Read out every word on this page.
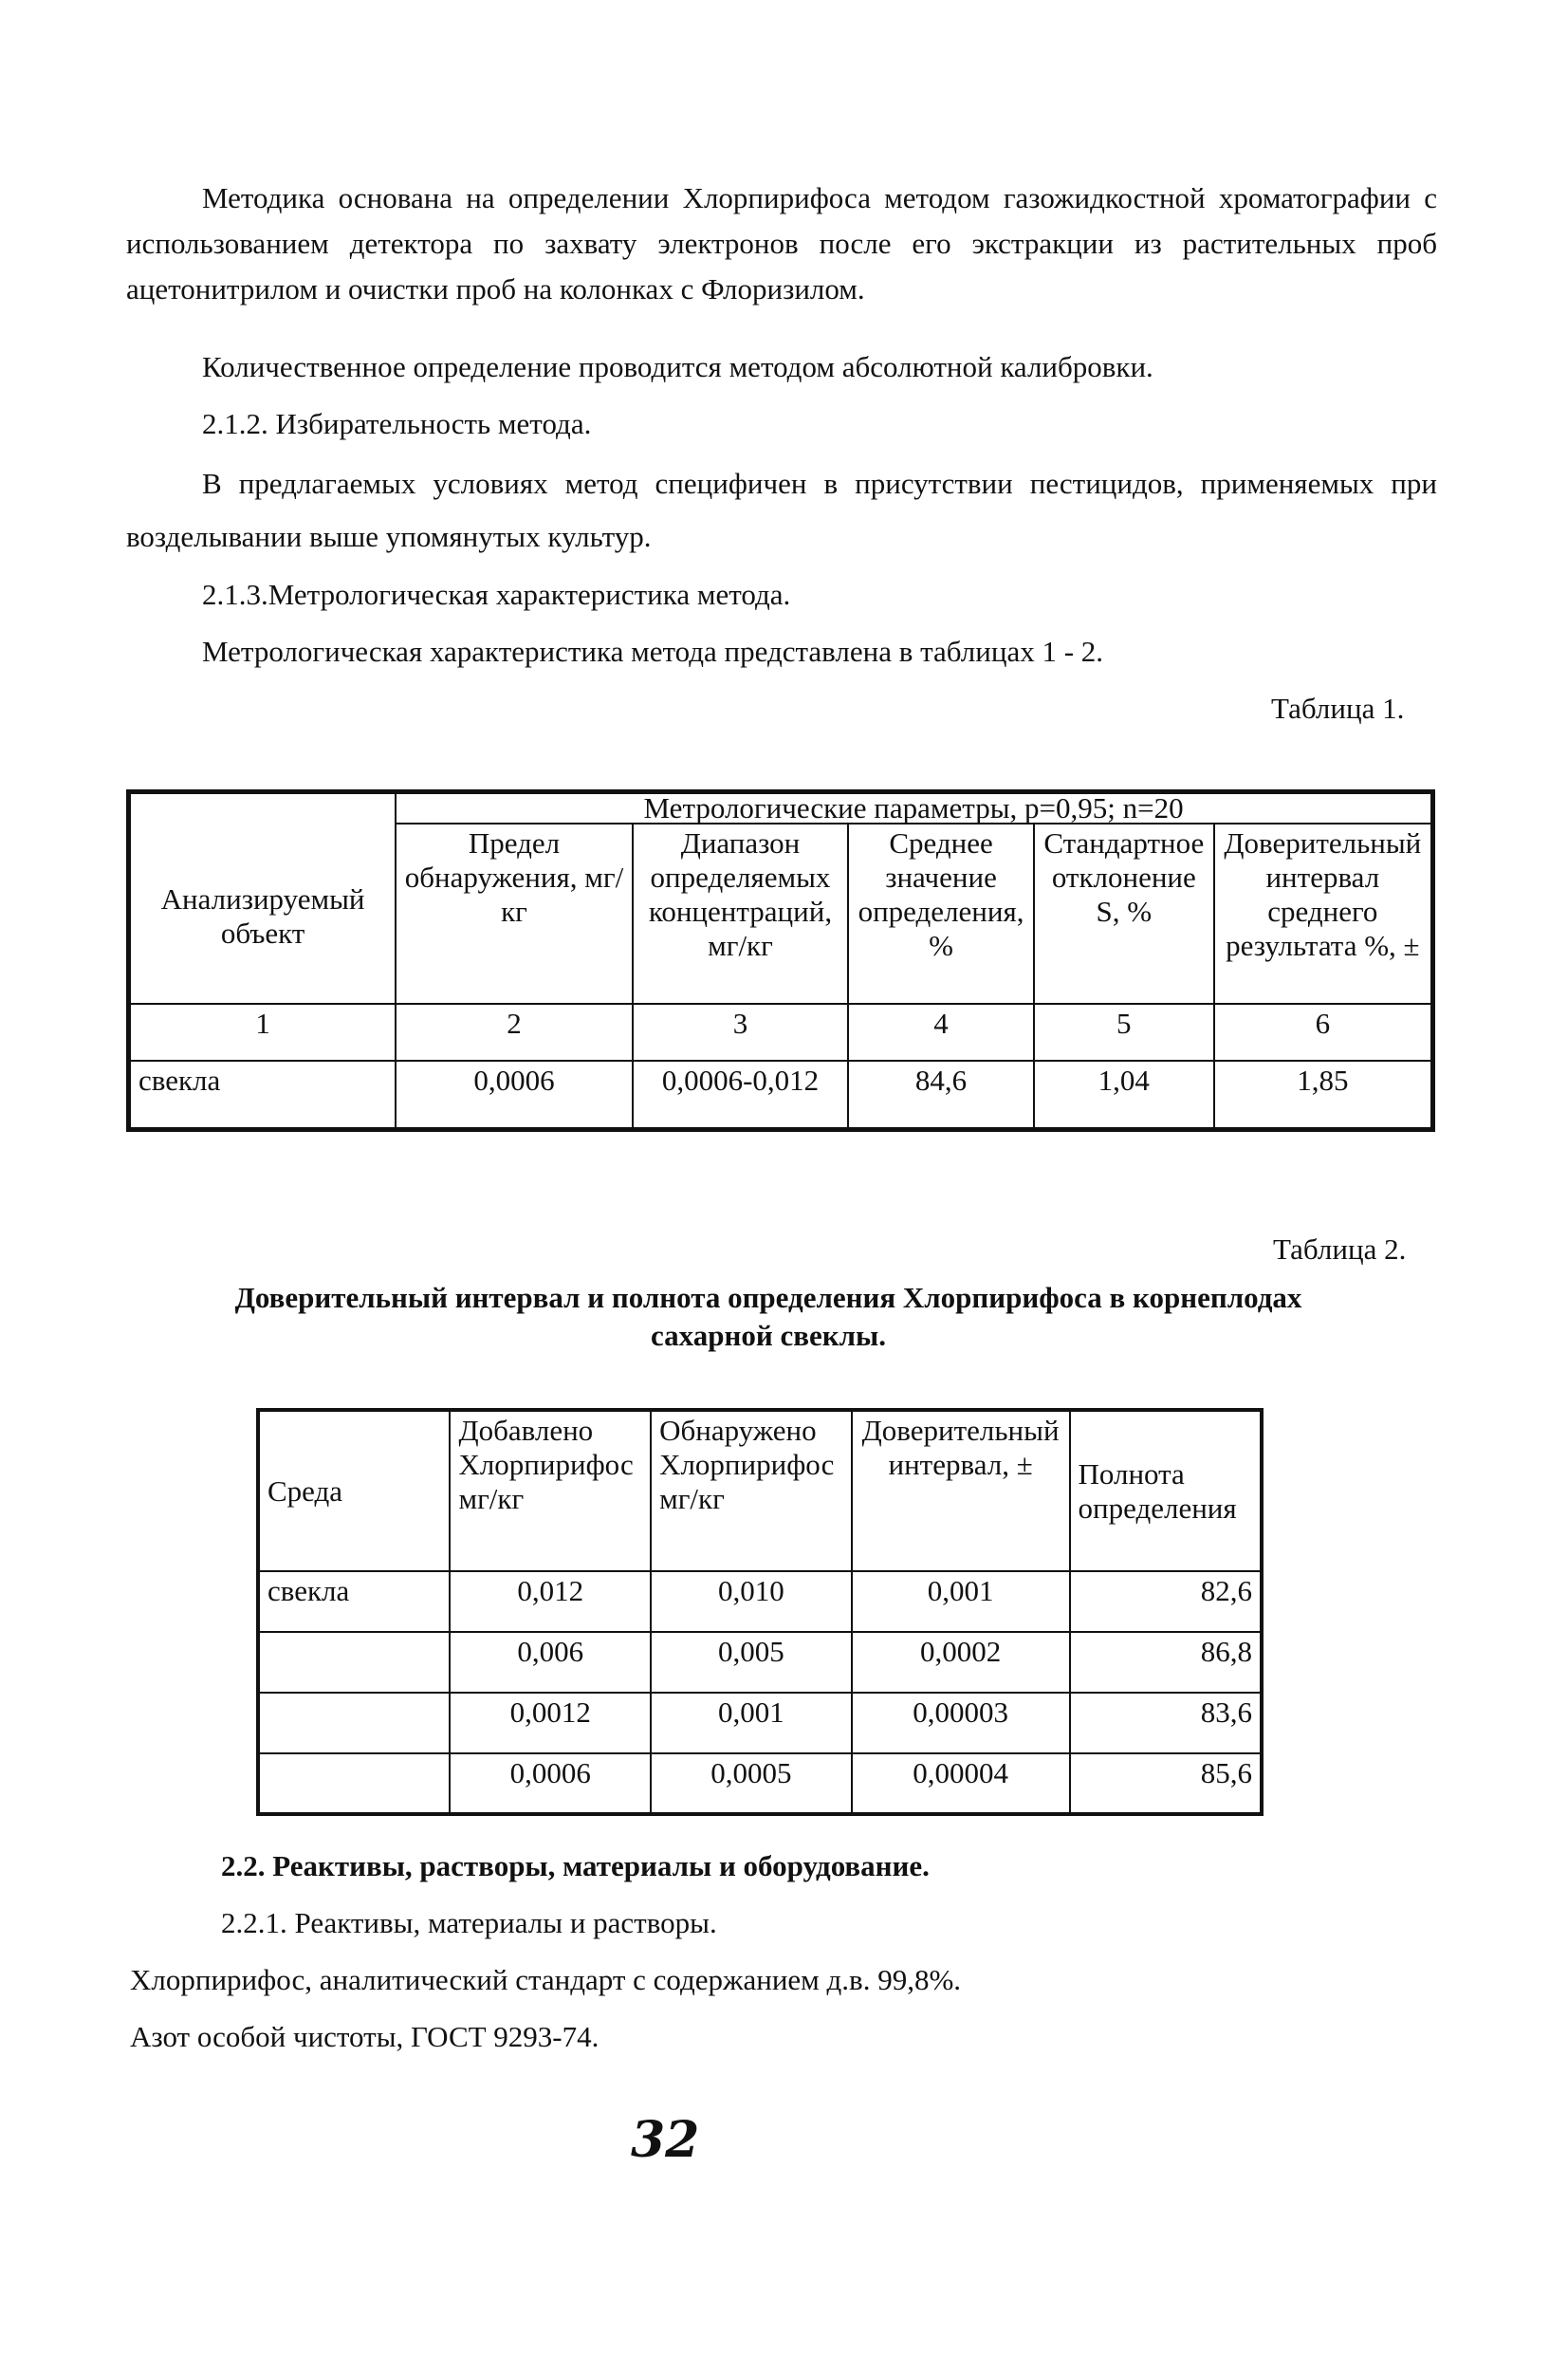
Методика основана на определении Хлорпирифоса методом газожидкостной хроматографии с использованием детектора по захвату электронов после его экстракции из растительных проб ацетонитрилом и очистки проб на колонках с Флоризилом.
Количественное определение проводится методом абсолютной калибровки.
2.1.2. Избирательность метода.
В предлагаемых условиях метод специфичен в присутствии пестицидов, применяемых при возделывании выше упомянутых культур.
2.1.3.Метрологическая характеристика метода.
Метрологическая характеристика метода представлена в таблицах 1 - 2.
Таблица 1.
Анализируемый объект	Метрологические параметры, р=0,95; n=20				
	Предел обнаружения, мг/кг	Диапазон определяемых концентраций, мг/кг	Среднее значение определения, %	Стандартное отклонение S, %	Доверительный интервал среднего результата %, ±
1	2	3	4	5	6
свекла	0,0006	0,0006-0,012	84,6	1,04	1,85
Таблица 2.
Доверительный интервал и полнота определения Хлорпирифоса в корнеплодах сахарной свеклы.
Среда	Добавлено Хлорпирифос мг/кг	Обнаружено Хлорпирифос мг/кг	Доверительный интервал, ±	Полнота определения
свекла	0,012	0,010	0,001	82,6
	0,006	0,005	0,0002	86,8
	0,0012	0,001	0,00003	83,6
	0,0006	0,0005	0,00004	85,6
2.2. Реактивы, растворы, материалы и оборудование.
2.2.1. Реактивы, материалы и растворы.
Хлорпирифос, аналитический стандарт с содержанием д.в. 99,8%.
Азот особой чистоты, ГОСТ 9293-74.
32
